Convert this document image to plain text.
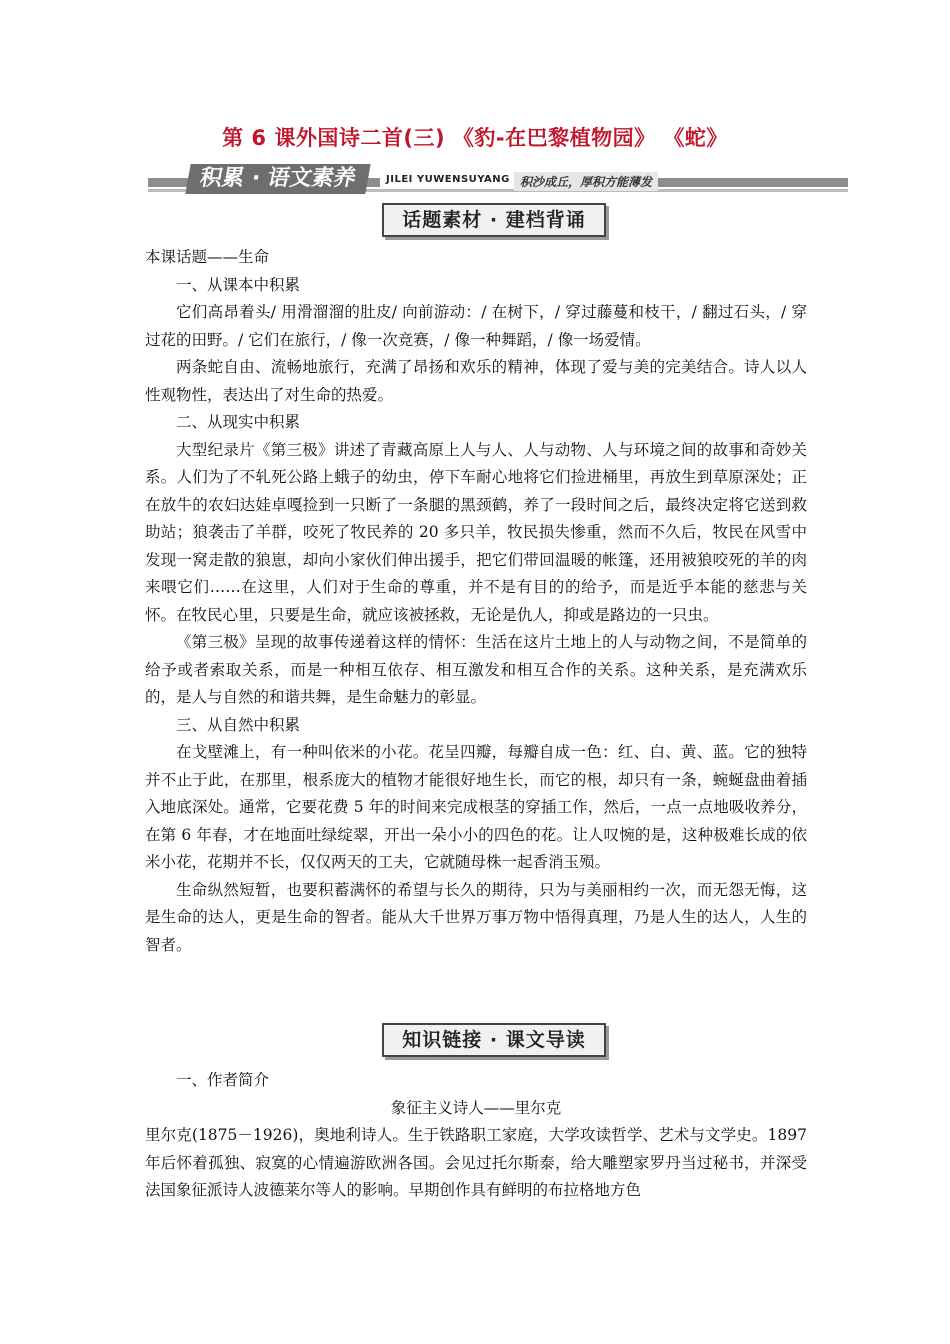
第 6 课外国诗二首(三) 《豹-在巴黎植物园》 《蛇》
积累 · 语文素养	JILEI YUWENSUYANG 积沙成丘，厚积方能薄发
话题素材 · 建档背诵

本课话题——生命

一、从课本中积累

它们高昂着头/ 用滑溜溜的肚皮/ 向前游动：/ 在树下，/ 穿过藤蔓和枝干，/ 翻过石头，/ 穿过花的田野。/ 它们在旅行，/ 像一次竞赛，/ 像一种舞蹈，/ 像一场爱情。

两条蛇自由、流畅地旅行，充满了昂扬和欢乐的精神，体现了爱与美的完美结合。诗人以人性观物性，表达出了对生命的热爱。

二、从现实中积累

大型纪录片《第三极》讲述了青藏高原上人与人、人与动物、人与环境之间的故事和奇妙关系。人们为了不轧死公路上蛾子的幼虫，停下车耐心地将它们捡进桶里，再放生到草原深处；正在放牛的农妇达娃卓嘎捡到一只断了一条腿的黑颈鹤，养了一段时间之后，最终决定将它送到救助站；狼袭击了羊群，咬死了牧民养的 20 多只羊，牧民损失惨重，然而不久后，牧民在风雪中发现一窝走散的狼崽，却向小家伙们伸出援手，把它们带回温暖的帐篷，还用被狼咬死的羊的肉来喂它们……在这里，人们对于生命的尊重，并不是有目的的给予，而是近乎本能的慈悲与关怀。在牧民心里，只要是生命，就应该被拯救，无论是仇人，抑或是路边的一只虫。

《第三极》呈现的故事传递着这样的情怀：生活在这片土地上的人与动物之间，不是简单的给予或者索取关系，而是一种相互依存、相互激发和相互合作的关系。这种关系，是充满欢乐的，是人与自然的和谐共舞，是生命魅力的彰显。

三、从自然中积累

在戈壁滩上，有一种叫依米的小花。花呈四瓣，每瓣自成一色：红、白、黄、蓝。它的独特并不止于此，在那里，根系庞大的植物才能很好地生长，而它的根，却只有一条，蜿蜒盘曲着插入地底深处。通常，它要花费 5 年的时间来完成根茎的穿插工作，然后，一点一点地吸收养分，在第 6 年春，才在地面吐绿绽翠，开出一朵小小的四色的花。让人叹惋的是，这种极难长成的依米小花，花期并不长，仅仅两天的工夫，它就随母株一起香消玉殒。

生命纵然短暂，也要积蓄满怀的希望与长久的期待，只为与美丽相约一次，而无怨无悔，这是生命的达人，更是生命的智者。能从大千世界万事万物中悟得真理，乃是人生的达人，人生的智者。

知识链接 · 课文导读

一、作者简介

象征主义诗人——里尔克

里尔克(1875－1926)，奥地利诗人。生于铁路职工家庭，大学攻读哲学、艺术与文学史。1897 年后怀着孤独、寂寞的心情遍游欧洲各国。会见过托尔斯泰，给大雕塑家罗丹当过秘书，并深受法国象征派诗人波德莱尔等人的影响。早期创作具有鲜明的布拉格地方色
